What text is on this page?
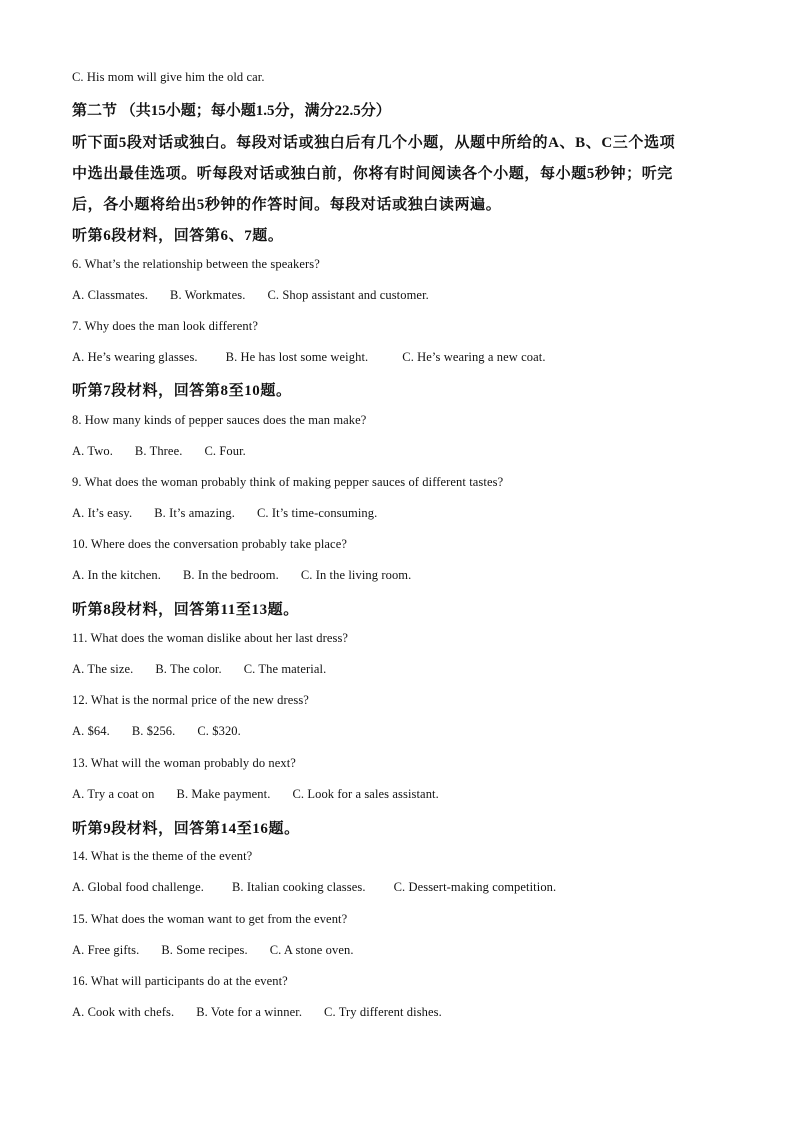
C. His mom will give him the old car.
第二节 （共15小题；每小题1.5分，满分22.5分）
听下面5段对话或独白。每段对话或独白后有几个小题，从题中所给的A、B、C三个选项
中选出最佳选项。听每段对话或独白前，你将有时间阅读各个小题，每小题5秒钟；听完
后，各小题将给出5秒钟的作答时间。每段对话或独白读两遍。
听第6段材料，回答第6、7题。
6. What’s the relationship between the speakers?
A. Classmates. B. Workmates. C. Shop assistant and customer.
7. Why does the man look different?
A. He’s wearing glasses. B. He has lost some weight.	C. He’s wearing a new coat.
听第7段材料，回答第8至10题。
8. How many kinds of pepper sauces does the man make?
A. Two. B. Three. C. Four.
9. What does the woman probably think of making pepper sauces of different tastes?
A. It’s easy. B. It’s amazing. C. It’s time-consuming.
10. Where does the conversation probably take place?
A. In the kitchen. B. In the bedroom. C. In the living room.
听第8段材料，回答第11至13题。
11. What does the woman dislike about her last dress?
A. The size. B. The color. C. The material.
12. What is the normal price of the new dress?
A. $64. B. $256. C. $320.
13. What will the woman probably do next?
A. Try a coat on B. Make payment. C. Look for a sales assistant.
听第9段材料，回答第14至16题。
14. What is the theme of the event?
A. Global food challenge. B. Italian cooking classes. C. Dessert-making competition.
15. What does the woman want to get from the event?
A. Free gifts. B. Some recipes. C. A stone oven.
16. What will participants do at the event?
A. Cook with chefs. B. Vote for a winner. C. Try different dishes.
